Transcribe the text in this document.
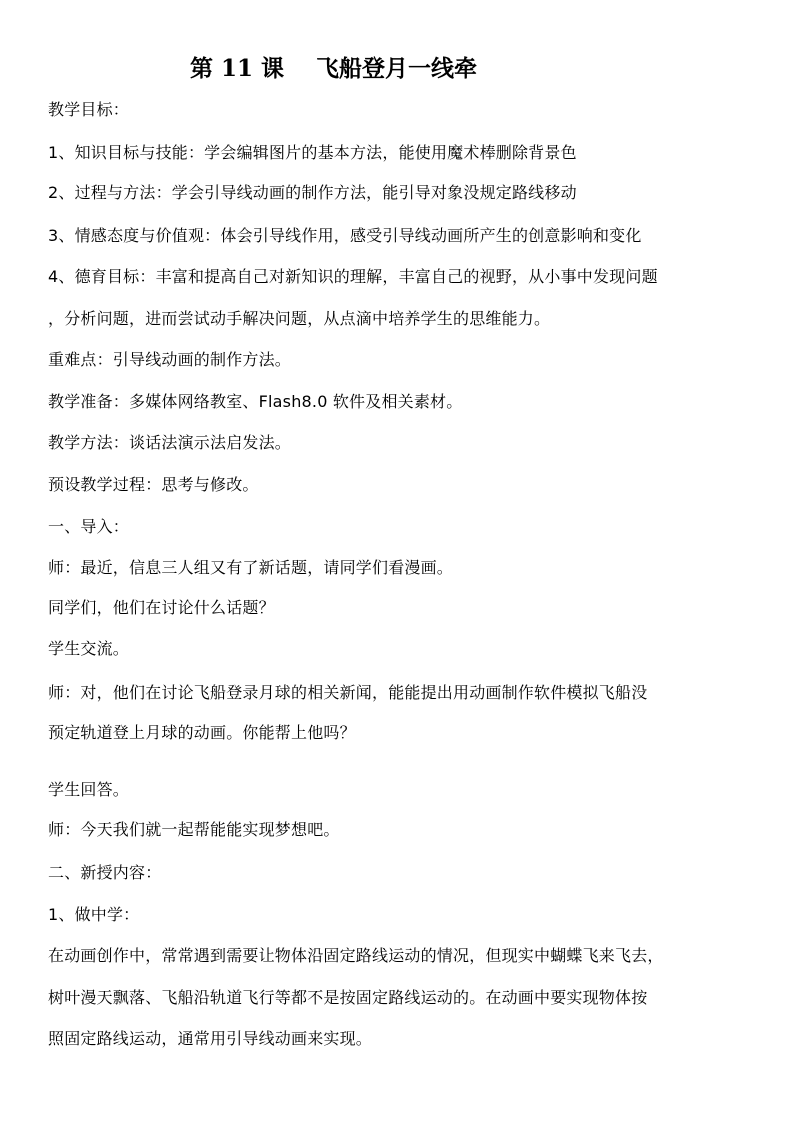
第 11 课    飞船登月一线牵
教学目标：
1、知识目标与技能：学会编辑图片的基本方法，能使用魔术棒删除背景色
2、过程与方法：学会引导线动画的制作方法，能引导对象没规定路线移动
3、情感态度与价值观：体会引导线作用，感受引导线动画所产生的创意影响和变化
4、德育目标：丰富和提高自己对新知识的理解，丰富自己的视野，从小事中发现问题
，分析问题，进而尝试动手解决问题，从点滴中培养学生的思维能力。
重难点：引导线动画的制作方法。
教学准备：多媒体网络教室、Flash8.0 软件及相关素材。
教学方法：谈话法演示法启发法。
预设教学过程：思考与修改。
一、导入：
师：最近，信息三人组又有了新话题，请同学们看漫画。
同学们，他们在讨论什么话题？
学生交流。
师：对，他们在讨论飞船登录月球的相关新闻，能能提出用动画制作软件模拟飞船没
预定轨道登上月球的动画。你能帮上他吗？
学生回答。
师：今天我们就一起帮能能实现梦想吧。
二、新授内容：
1、做中学：
在动画创作中，常常遇到需要让物体沿固定路线运动的情况，但现实中蝴蝶飞来飞去，
树叶漫天飘落、飞船沿轨道飞行等都不是按固定路线运动的。在动画中要实现物体按
照固定路线运动，通常用引导线动画来实现。
